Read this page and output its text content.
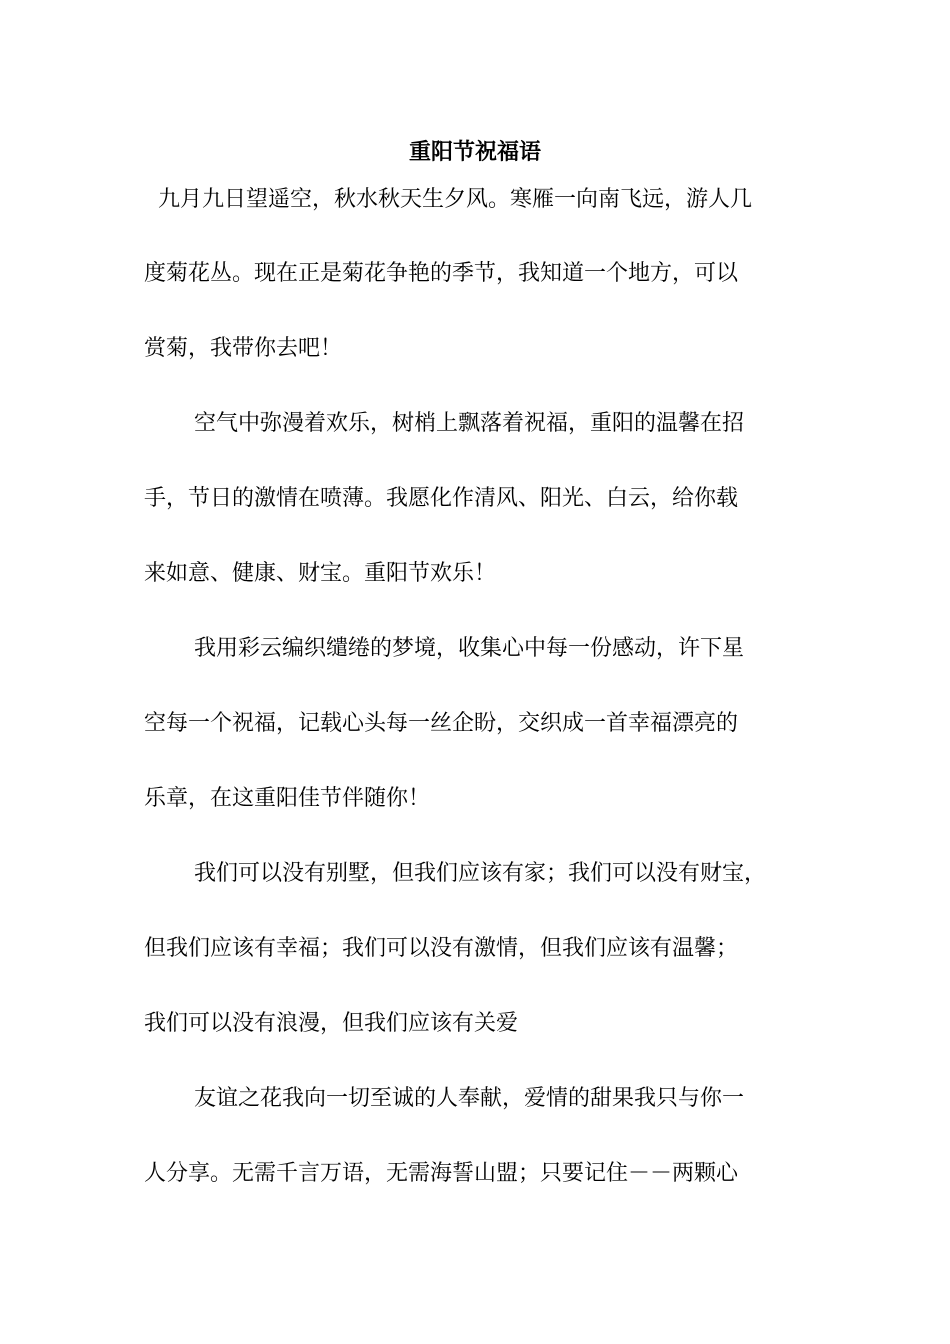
重阳节祝福语
九月九日望遥空，秋水秋天生夕风。寒雁一向南飞远，游人几
度菊花丛。现在正是菊花争艳的季节，我知道一个地方，可以
赏菊，我带你去吧！
空气中弥漫着欢乐，树梢上飘落着祝福，重阳的温馨在招
手，节日的激情在喷薄。我愿化作清风、阳光、白云，给你载
来如意、健康、财宝。重阳节欢乐！
我用彩云编织缱绻的梦境，收集心中每一份感动，许下星
空每一个祝福，记载心头每一丝企盼，交织成一首幸福漂亮的
乐章，在这重阳佳节伴随你！
我们可以没有别墅，但我们应该有家；我们可以没有财宝，
但我们应该有幸福；我们可以没有激情，但我们应该有温馨；
我们可以没有浪漫，但我们应该有关爱
友谊之花我向一切至诚的人奉献，爱情的甜果我只与你一
人分享。无需千言万语，无需海誓山盟；只要记住－－两颗心
